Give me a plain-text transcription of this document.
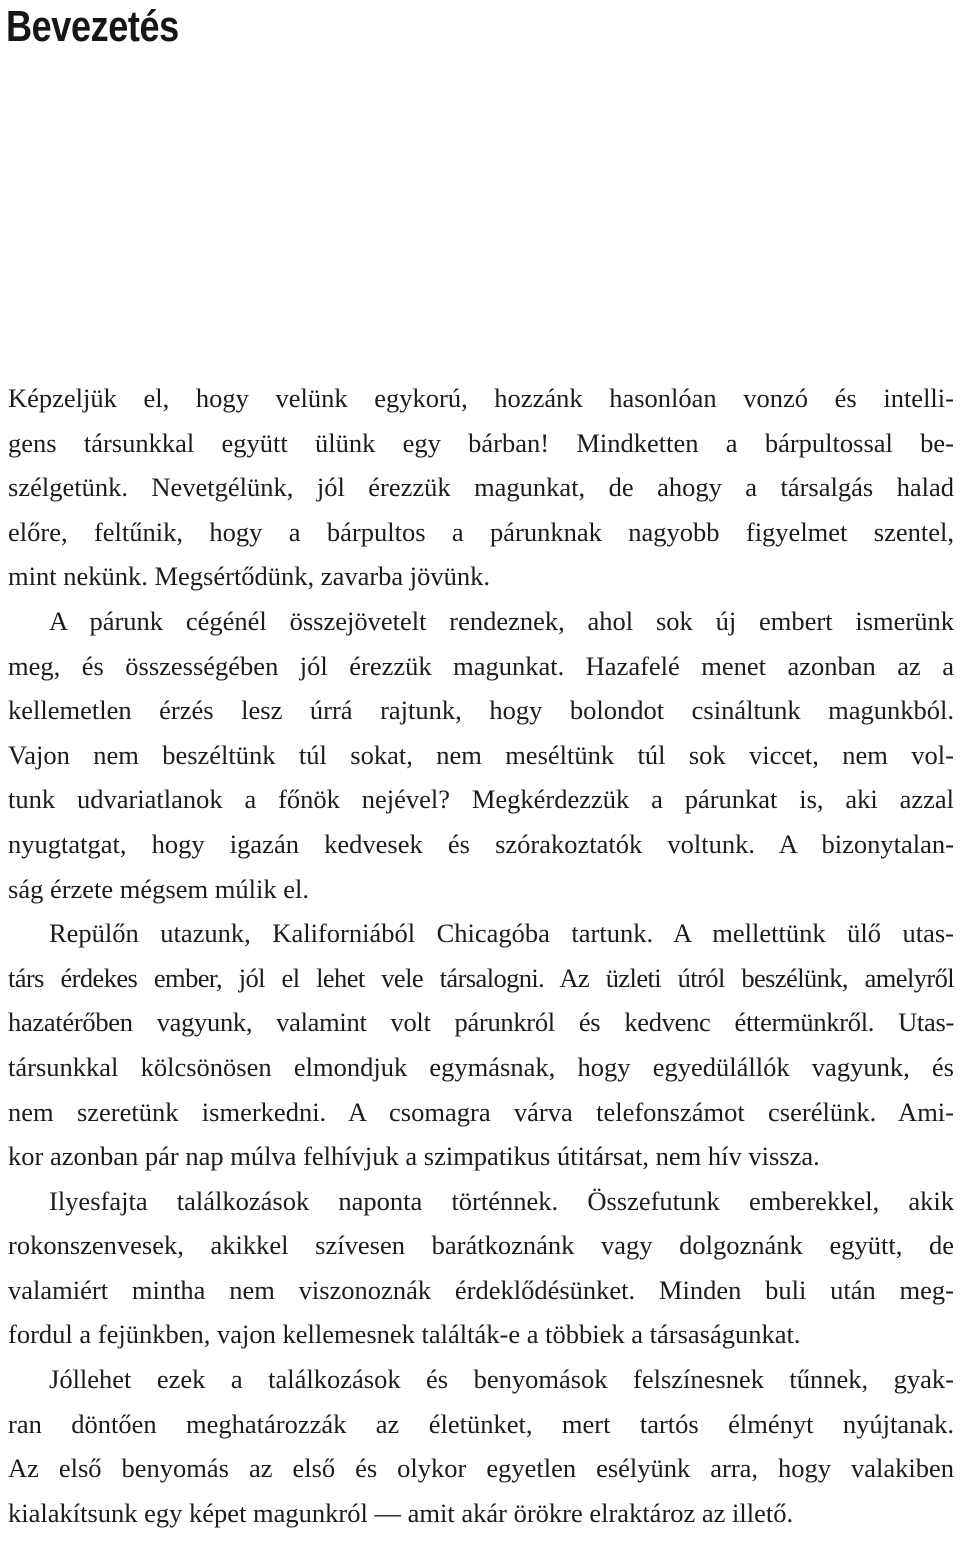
Bevezetés
Képzeljük el, hogy velünk egykorú, hozzánk hasonlóan vonzó és intelli-
gens társunkkal együtt ülünk egy bárban! Mindketten a bárpultossal be-
szélgetünk. Nevetgélünk, jól érezzük magunkat, de ahogy a társalgás halad
előre, feltűnik, hogy a bárpultos a párunknak nagyobb figyelmet szentel,
mint nekünk. Megsértődünk, zavarba jövünk.
A párunk cégénél összejövetelt rendeznek, ahol sok új embert ismerünk
meg, és összességében jól érezzük magunkat. Hazafelé menet azonban az a
kellemetlen érzés lesz úrrá rajtunk, hogy bolondot csináltunk magunkból.
Vajon nem beszéltünk túl sokat, nem meséltünk túl sok viccet, nem vol-
tunk udvariatlanok a főnök nejével? Megkérdezzük a párunkat is, aki azzal
nyugtatgat, hogy igazán kedvesek és szórakoztatók voltunk. A bizonytalan-
ság érzete mégsem múlik el.
Repülőn utazunk, Kaliforniából Chicagóba tartunk. A mellettünk ülő utas-
társ érdekes ember, jól el lehet vele társalogni. Az üzleti útról beszélünk, amelyről
hazatérőben vagyunk, valamint volt párunkról és kedvenc éttermünkről. Utas-
társunkkal kölcsönösen elmondjuk egymásnak, hogy egyedülállók vagyunk, és
nem szeretünk ismerkedni. A csomagra várva telefonszámot cserélünk. Ami-
kor azonban pár nap múlva felhívjuk a szimpatikus útitársat, nem hív vissza.
Ilyesfajta találkozások naponta történnek. Összefutunk emberekkel, akik
rokonszenvesek, akikkel szívesen barátkoznánk vagy dolgoznánk együtt, de
valamiért mintha nem viszonoznák érdeklődésünket. Minden buli után meg-
fordul a fejünkben, vajon kellemesnek találták-e a többiek a társaságunkat.
Jóllehet ezek a találkozások és benyomások felszínesnek tűnnek, gyak-
ran döntően meghatározzák az életünket, mert tartós élményt nyújtanak.
Az első benyomás az első és olykor egyetlen esélyünk arra, hogy valakiben
kialakítsunk egy képet magunkról — amit akár örökre elraktároz az illető.
